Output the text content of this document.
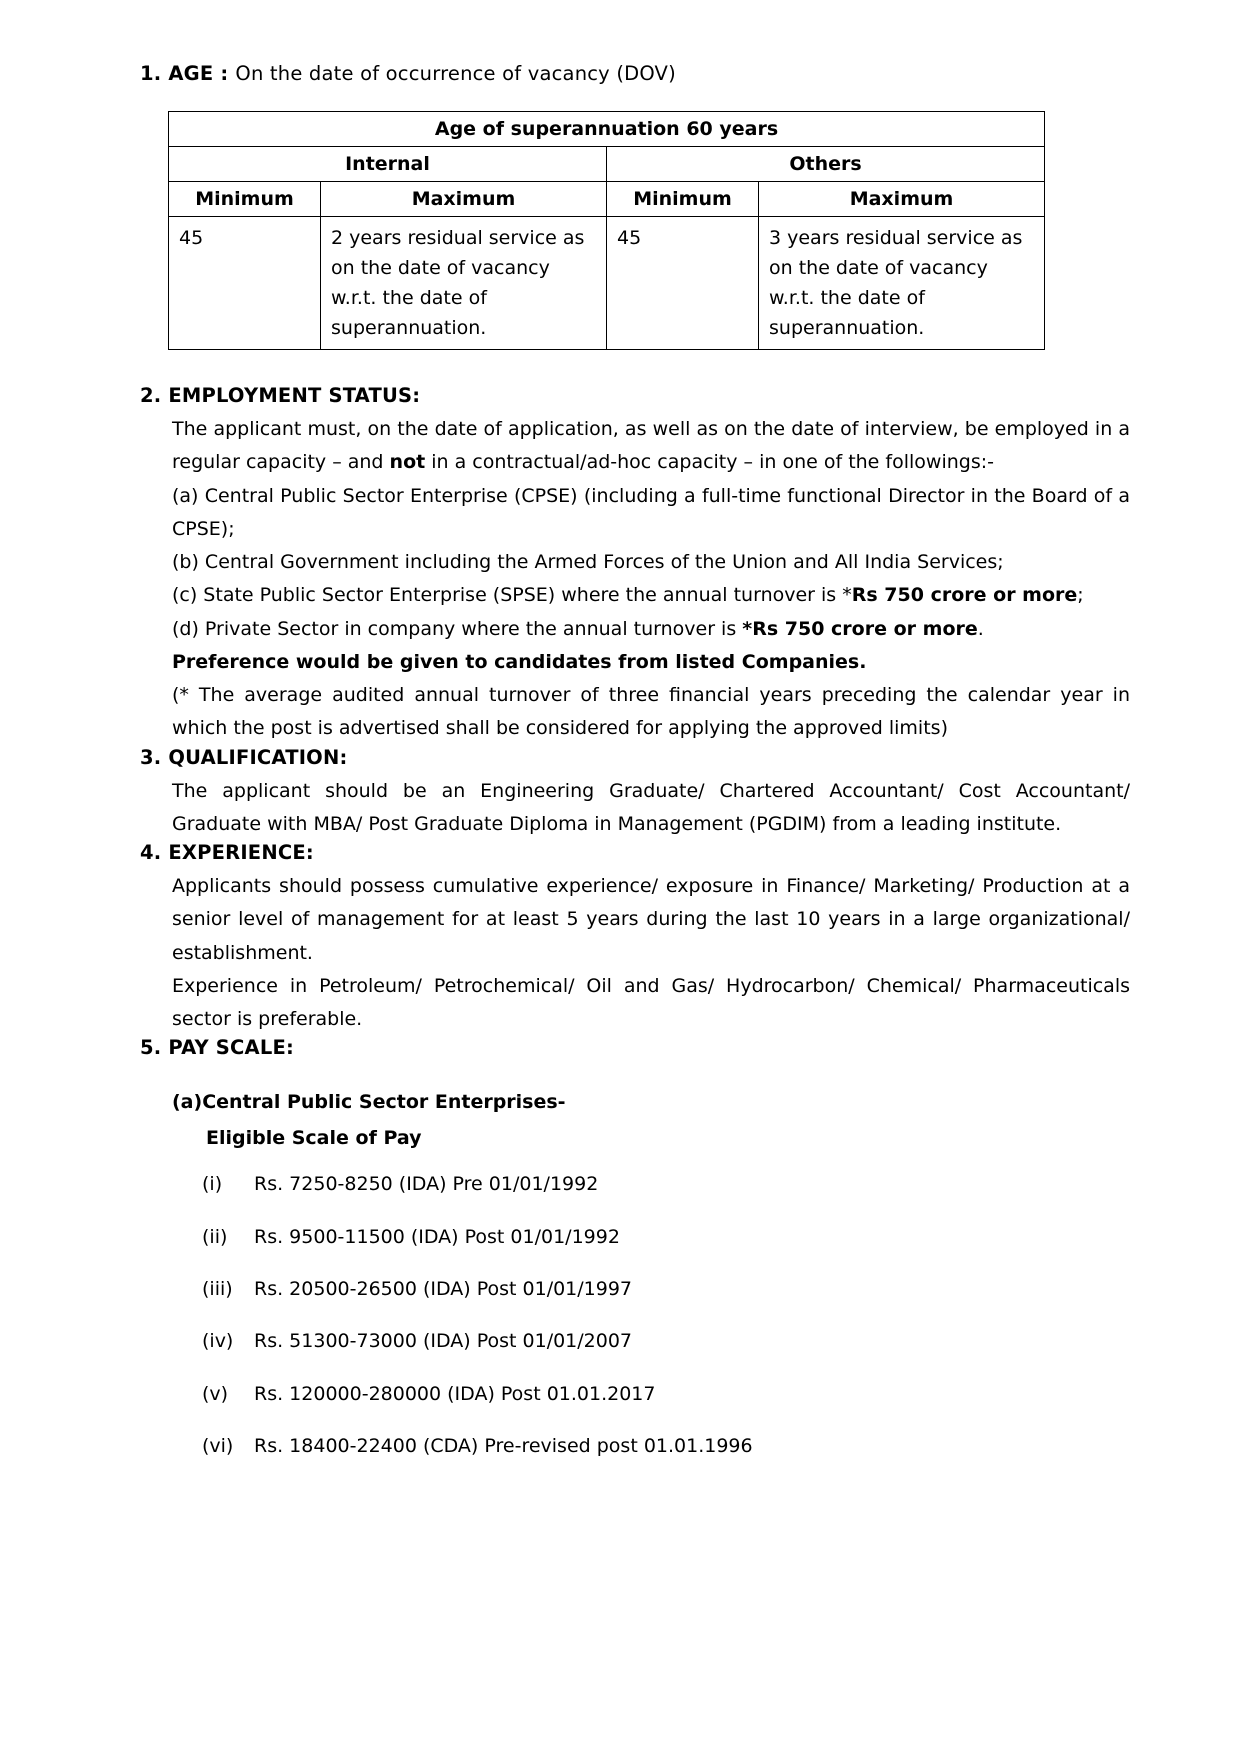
1. AGE : On the date of occurrence of vacancy (DOV)
Age of superannuation 60 years			
Internal		Others	
Minimum	Maximum	Minimum	Maximum
45	2 years residual service as on the date of vacancy w.r.t. the date of superannuation.	45	3 years residual service as on the date of vacancy w.r.t. the date of superannuation.
2. EMPLOYMENT STATUS:

The applicant must, on the date of application, as well as on the date of interview, be employed in a regular capacity – and not in a contractual/ad-hoc capacity – in one of the followings:-

(a) Central Public Sector Enterprise (CPSE) (including a full-time functional Director in the Board of a CPSE);

(b) Central Government including the Armed Forces of the Union and All India Services;

(c) State Public Sector Enterprise (SPSE) where the annual turnover is *Rs 750 crore or more;

(d) Private Sector in company where the annual turnover is *Rs 750 crore or more.

Preference would be given to candidates from listed Companies.

(* The average audited annual turnover of three financial years preceding the calendar year in which the post is advertised shall be considered for applying the approved limits)

3. QUALIFICATION:

The applicant should be an Engineering Graduate/ Chartered Accountant/ Cost Accountant/ Graduate with MBA/ Post Graduate Diploma in Management (PGDIM) from a leading institute.

4. EXPERIENCE:

Applicants should possess cumulative experience/ exposure in Finance/ Marketing/ Production at a senior level of management for at least 5 years during the last 10 years in a large organizational/ establishment.

Experience in Petroleum/ Petrochemical/ Oil and Gas/ Hydrocarbon/ Chemical/ Pharmaceuticals sector is preferable.

5. PAY SCALE:
(a)Central Public Sector Enterprises-
Eligible Scale of Pay
(i)	Rs. 7250-8250 (IDA) Pre 01/01/1992
(ii)	Rs. 9500-11500 (IDA) Post 01/01/1992
(iii)	Rs. 20500-26500 (IDA) Post 01/01/1997
(iv)	Rs. 51300-73000 (IDA) Post 01/01/2007
(v)	Rs. 120000-280000 (IDA) Post 01.01.2017
(vi)	Rs. 18400-22400 (CDA) Pre-revised post 01.01.1996
